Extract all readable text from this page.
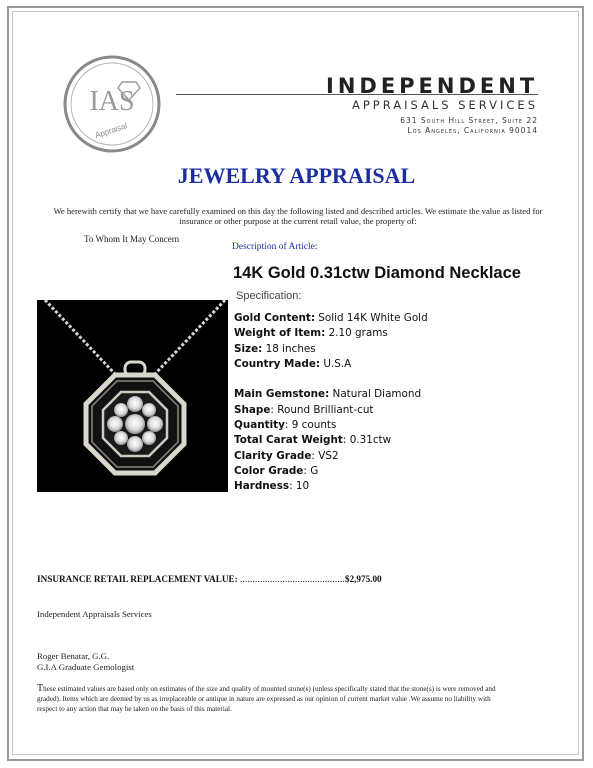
IAS
Appraisal
INDEPENDENT
APPRAISALS SERVICES
631 South Hill Street, Suite 22
Los Angeles, California 90014
JEWELRY APPRAISAL
We herewith certify that we have carefully examined on this day the following listed and described articles. We estimate the value as listed for insurance or other purpose at the current retail value, the property of:
To Whom It May Concern
Description of Article:
14K Gold 0.31ctw Diamond Necklace
Specification:
Gold Content: Solid 14K White Gold
Weight of Item: 2.10 grams
Size: 18 inches
Country Made: U.S.A
Main Gemstone: Natural Diamond
Shape: Round Brilliant-cut
Quantity: 9 counts
Total Carat Weight: 0.31ctw
Clarity Grade: VS2
Color Grade: G
Hardness: 10
INSURANCE RETAIL REPLACEMENT VALUE: ..........................................$2,975.00
Independent Appraisals Services
Roger Benatar, G.G.
G.I.A Graduate Gemologist
These estimated values are based only on estimates of the size and quality of mounted stone(s) (unless specifically stated that the stone(s) is were removed and graded). Items which are deemed by us as irreplaceable or antique in nature are expressed as our opinion of current market value .We assume no liability with respect to any action that may be taken on the basis of this material.
